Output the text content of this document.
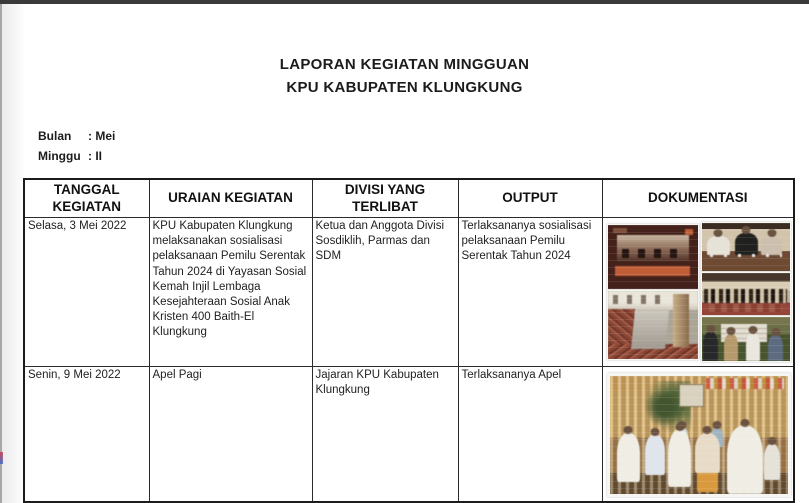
LAPORAN KEGIATAN MINGGUAN
KPU KABUPATEN KLUNGKUNG
Bulan : Mei
Minggu : II
TANGGAL KEGIATAN	URAIAN KEGIATAN	DIVISI YANG TERLIBAT	OUTPUT	DOKUMENTASI
Selasa, 3 Mei 2022	KPU Kabupaten Klungkung melaksanakan sosialisasi pelaksanaan Pemilu Serentak Tahun 2024 di Yayasan Sosial Kemah Injil Lembaga Kesejahteraan Sosial Anak Kristen 400 Baith-El Klungkung	Ketua dan Anggota Divisi Sosdiklih, Parmas dan SDM	Terlaksananya sosialisasi pelaksanaan Pemilu Serentak Tahun 2024	

Senin, 9 Mei 2022	Apel Pagi	Jajaran KPU Kabupaten Klungkung	Terlaksananya Apel	
